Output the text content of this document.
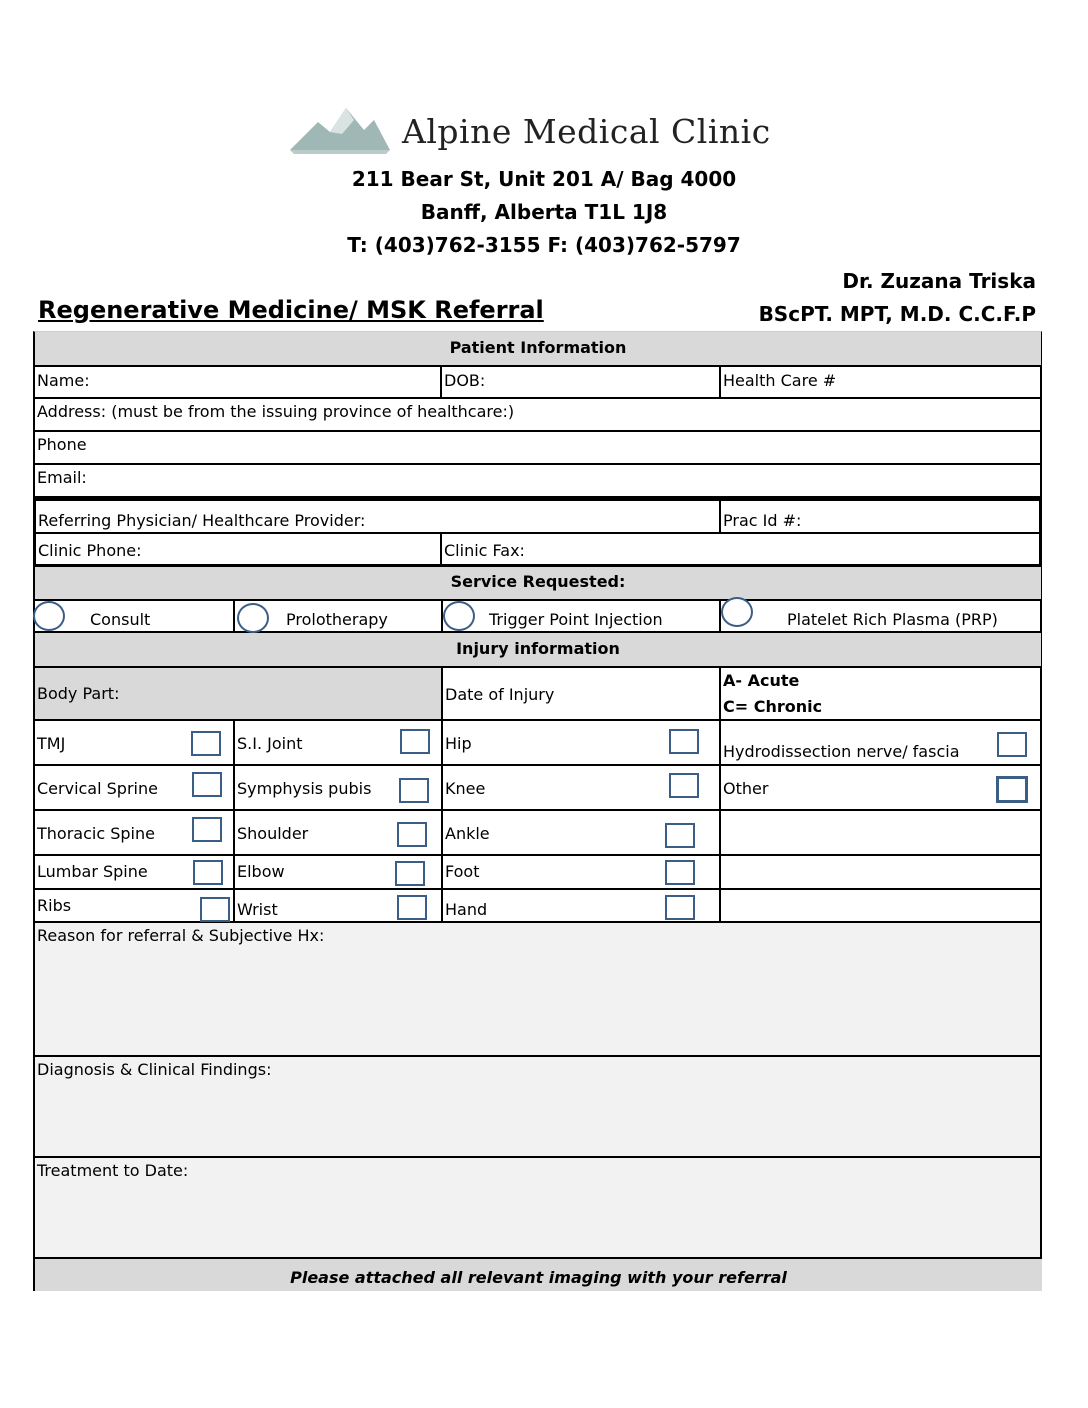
Alpine Medical Clinic
211 Bear St, Unit 201 A/ Bag 4000
Banff, Alberta T1L 1J8
T: (403)762-3155 F: (403)762-5797
Dr. Zuzana Triska
BScPT. MPT, M.D. C.C.F.P
Regenerative Medicine/ MSK Referral
Patient Information
Name:	DOB:	Health Care #
Address: (must be from the issuing province of healthcare:)
Phone
Email:
Referring Physician/ Healthcare Provider:	Prac Id #:
Clinic Phone:	Clinic Fax:
Service Requested:
Consult	Prolotherapy	Trigger Point Injection	Platelet Rich Plasma (PRP)
Injury information
Body Part:	Date of Injury
A- Acute
C= Chronic
TMJ	S.I. Joint	Hip	Hydrodissection nerve/ fascia
Cervical Sprine	Symphysis pubis	Knee	Other
Thoracic Spine	Shoulder	Ankle
Lumbar Spine	Elbow	Foot
Ribs	Wrist	Hand
Reason for referral & Subjective Hx:
Diagnosis & Clinical Findings:
Treatment to Date:
Please attached all relevant imaging with your referral
